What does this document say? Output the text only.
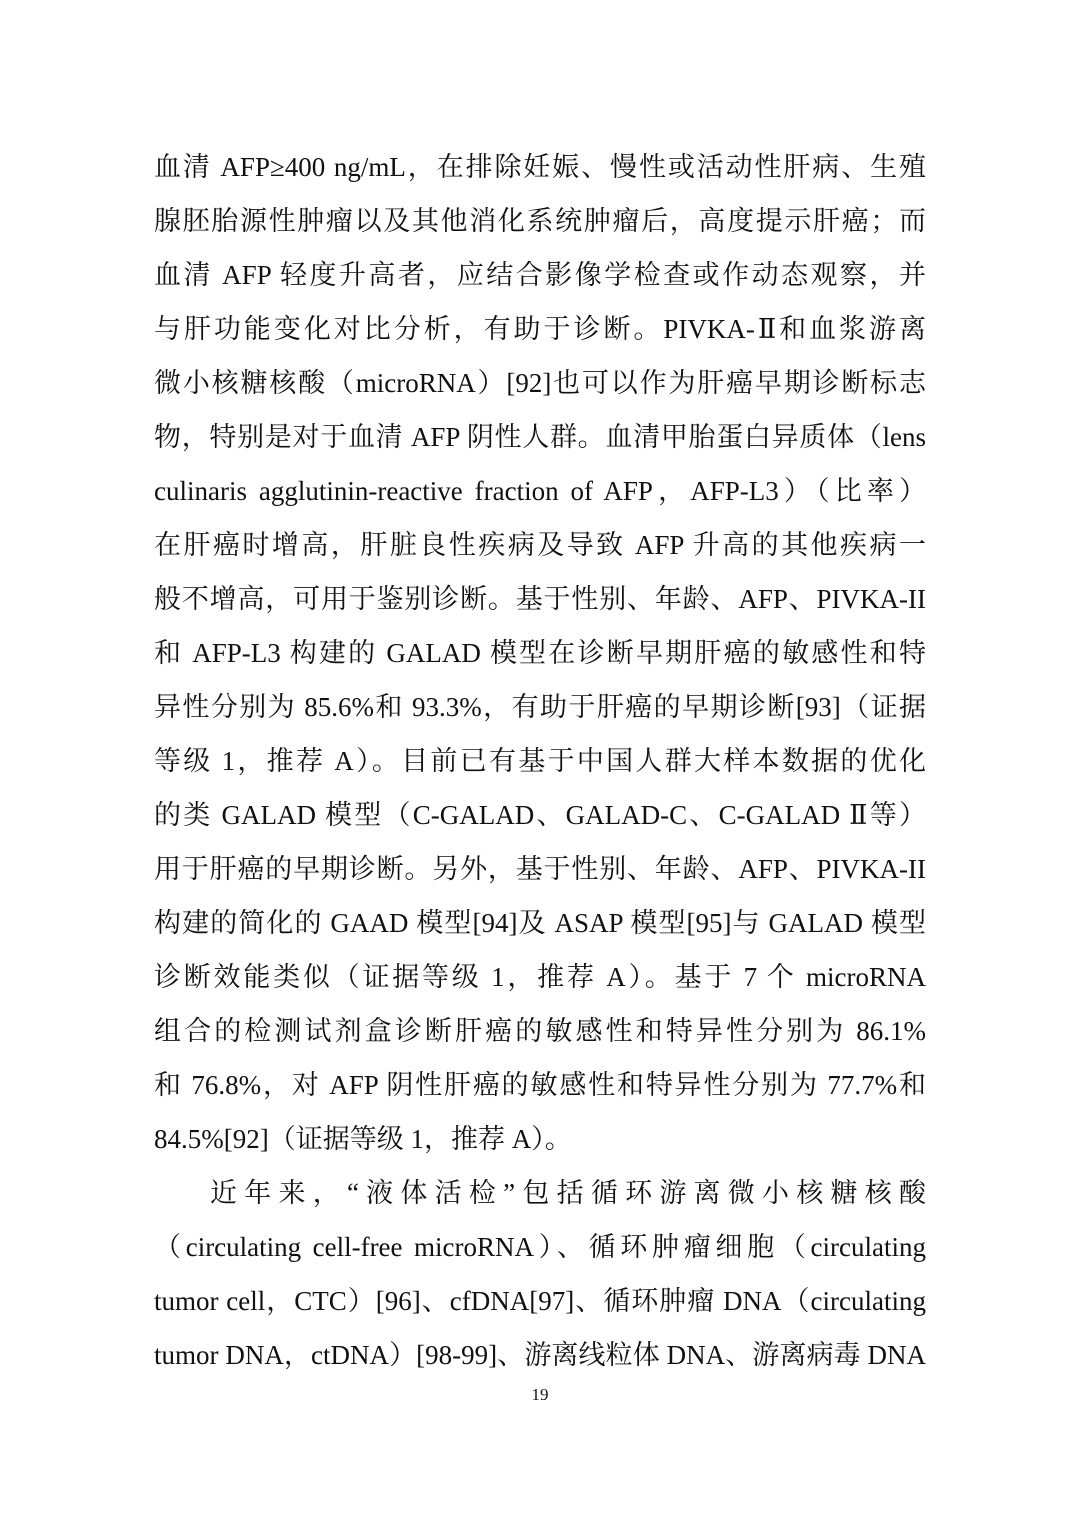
血清 AFP≥400 ng/mL，在排除妊娠、慢性或活动性肝病、生殖
腺胚胎源性肿瘤以及其他消化系统肿瘤后，高度提示肝癌；而
血清 AFP 轻度升高者，应结合影像学检查或作动态观察，并
与肝功能变化对比分析，有助于诊断。PIVKA-Ⅱ和血浆游离
微小核糖核酸（microRNA）[92]也可以作为肝癌早期诊断标志
物，特别是对于血清 AFP 阴性人群。血清甲胎蛋白异质体（lens
culinaris agglutinin-reactive fraction of AFP，AFP-L3）（比率）
在肝癌时增高，肝脏良性疾病及导致 AFP 升高的其他疾病一
般不增高，可用于鉴别诊断。基于性别、年龄、AFP、PIVKA-II
和 AFP-L3 构建的 GALAD 模型在诊断早期肝癌的敏感性和特
异性分别为 85.6%和 93.3%，有助于肝癌的早期诊断[93]（证据
等级 1，推荐 A）。目前已有基于中国人群大样本数据的优化
的类 GALAD 模型（C-GALAD、GALAD-C、C-GALAD Ⅱ等）
用于肝癌的早期诊断。另外，基于性别、年龄、AFP、PIVKA-II
构建的简化的 GAAD 模型[94]及 ASAP 模型[95]与 GALAD 模型
诊断效能类似（证据等级 1，推荐 A）。基于 7 个 microRNA
组合的检测试剂盒诊断肝癌的敏感性和特异性分别为 86.1%
和 76.8%，对 AFP 阴性肝癌的敏感性和特异性分别为 77.7%和
84.5%[92]（证据等级 1，推荐 A）。
近年来，“液体活检”包括循环游离微小核糖核酸
（circulating cell-free microRNA）、循环肿瘤细胞（circulating
tumor cell，CTC）[96]、cfDNA[97]、循环肿瘤 DNA（circulating
tumor DNA，ctDNA）[98-99]、游离线粒体 DNA、游离病毒 DNA
19
